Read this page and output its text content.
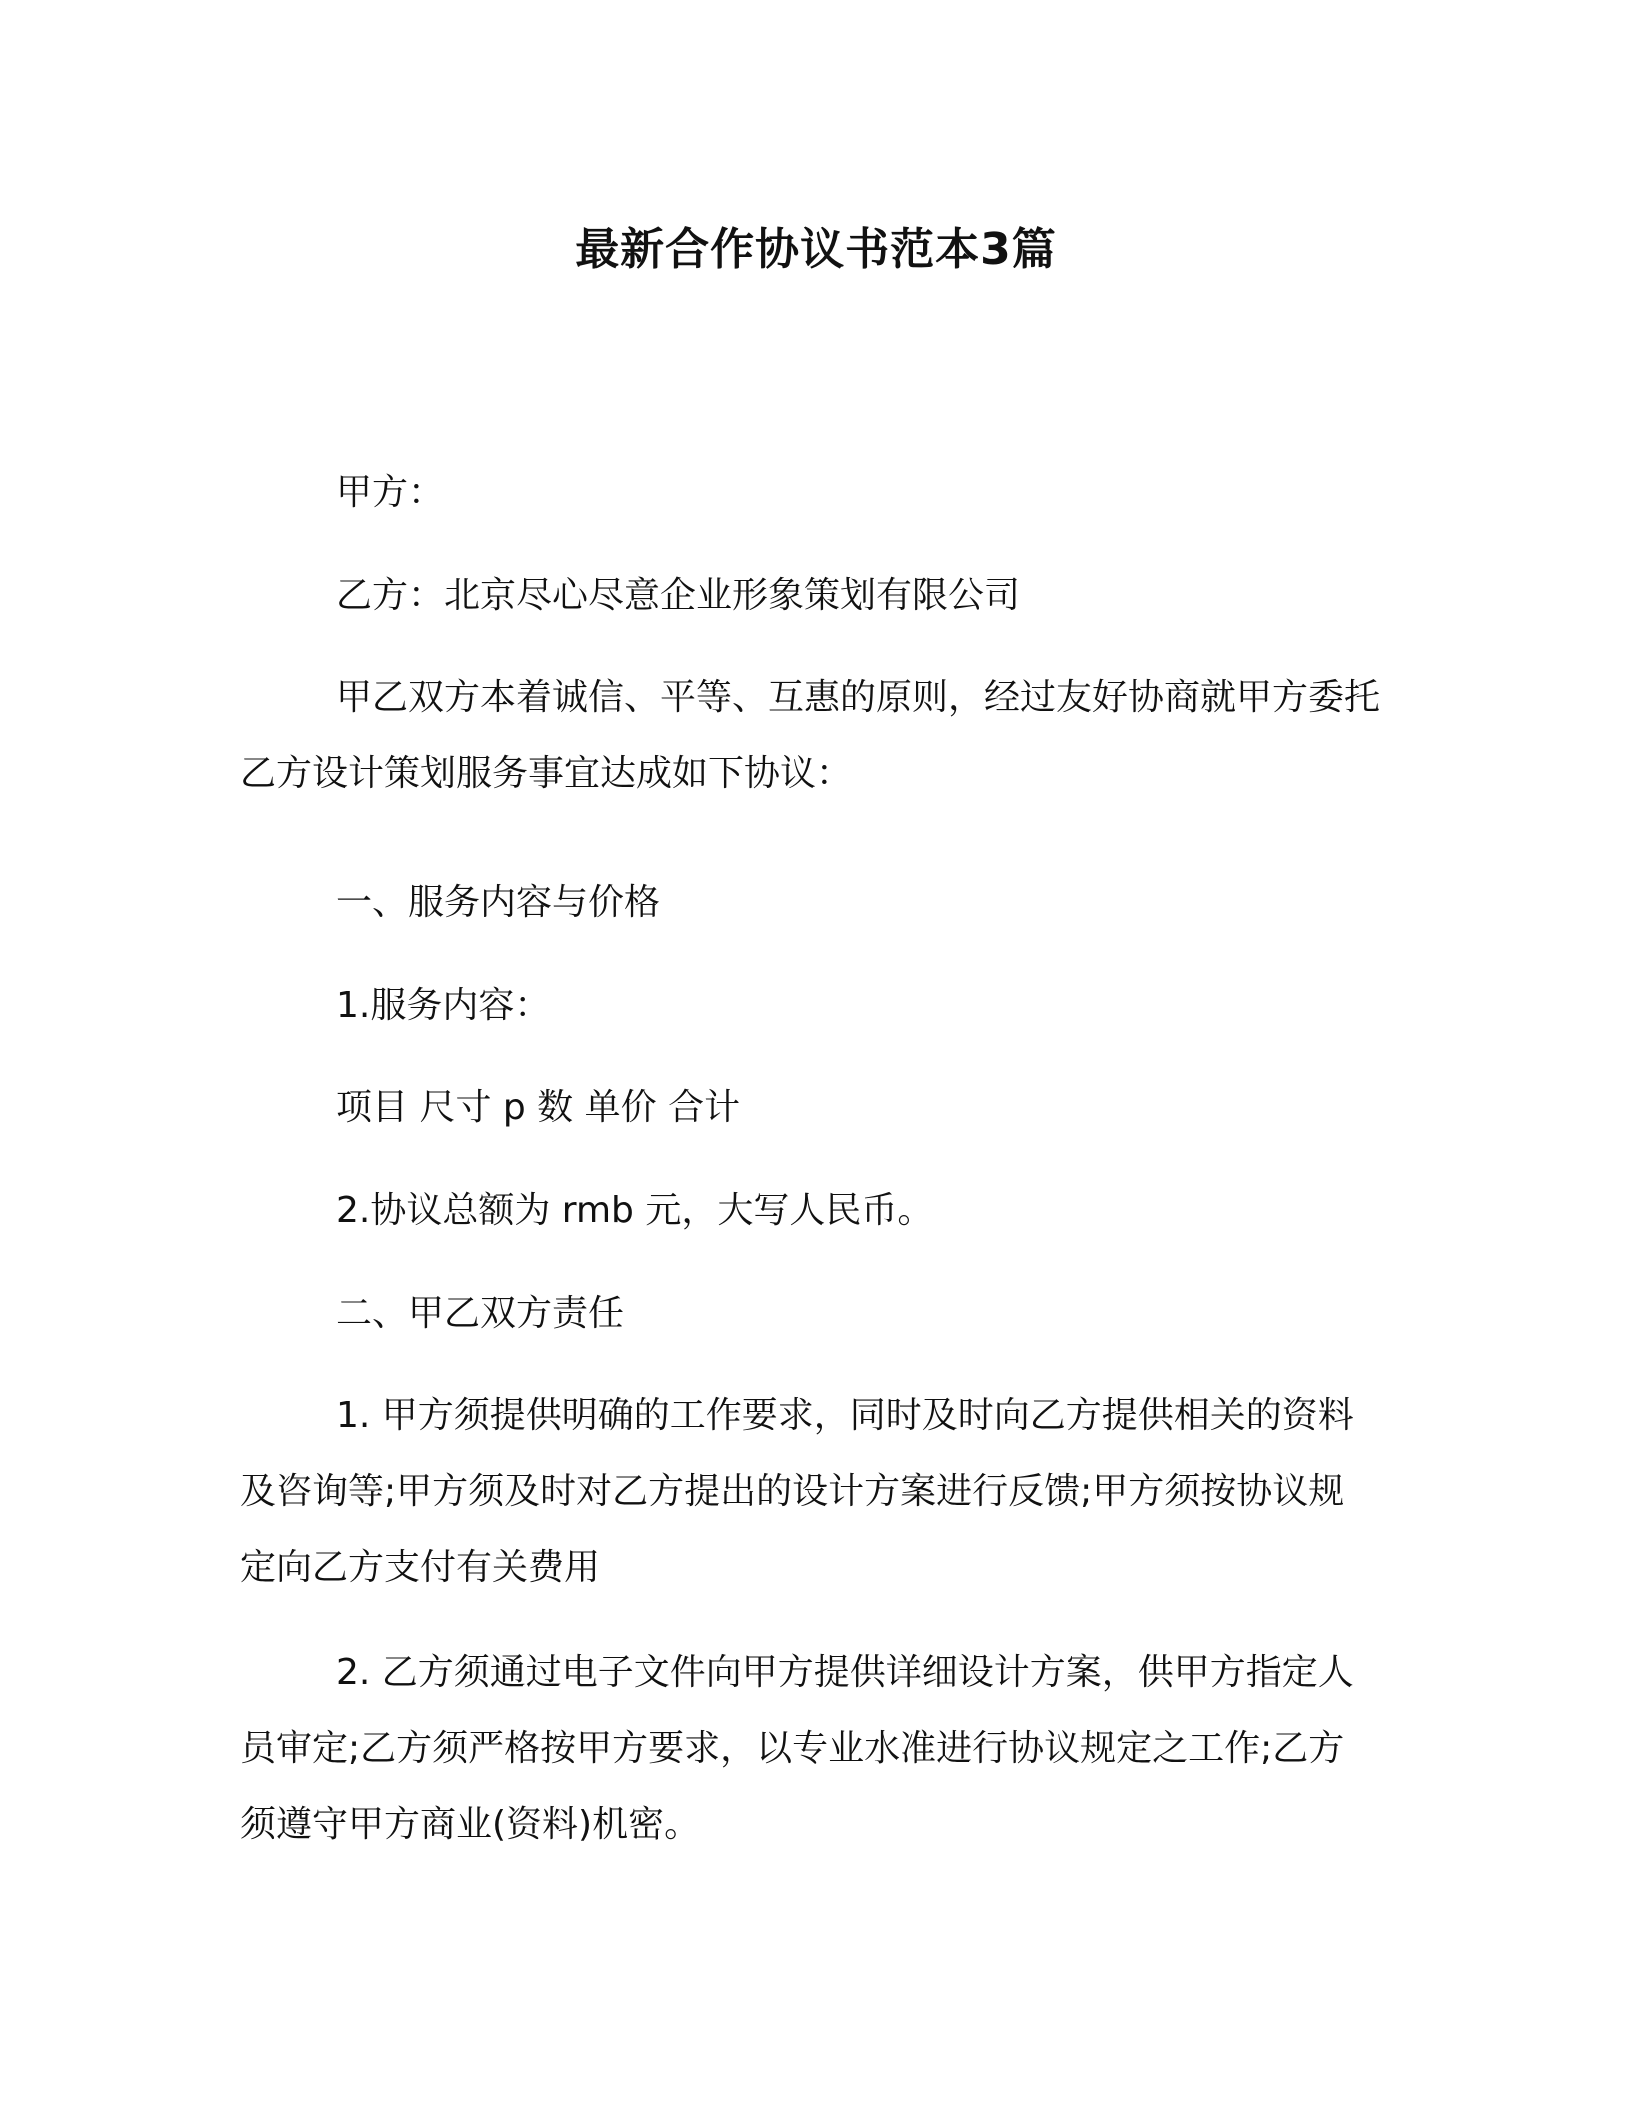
最新合作协议书范本3篇

甲方：

乙方：北京尽心尽意企业形象策划有限公司

甲乙双方本着诚信、平等、互惠的原则，经过友好协商就甲方委托乙方设计策划服务事宜达成如下协议：

一、服务内容与价格

1.服务内容：

项目 尺寸 p 数 单价 合计

2.协议总额为 rmb 元，大写人民币。

二、甲乙双方责任

1. 甲方须提供明确的工作要求，同时及时向乙方提供相关的资料及咨询等;甲方须及时对乙方提出的设计方案进行反馈;甲方须按协议规定向乙方支付有关费用

2. 乙方须通过电子文件向甲方提供详细设计方案，供甲方指定人员审定;乙方须严格按甲方要求，以专业水准进行协议规定之工作;乙方须遵守甲方商业(资料)机密。
